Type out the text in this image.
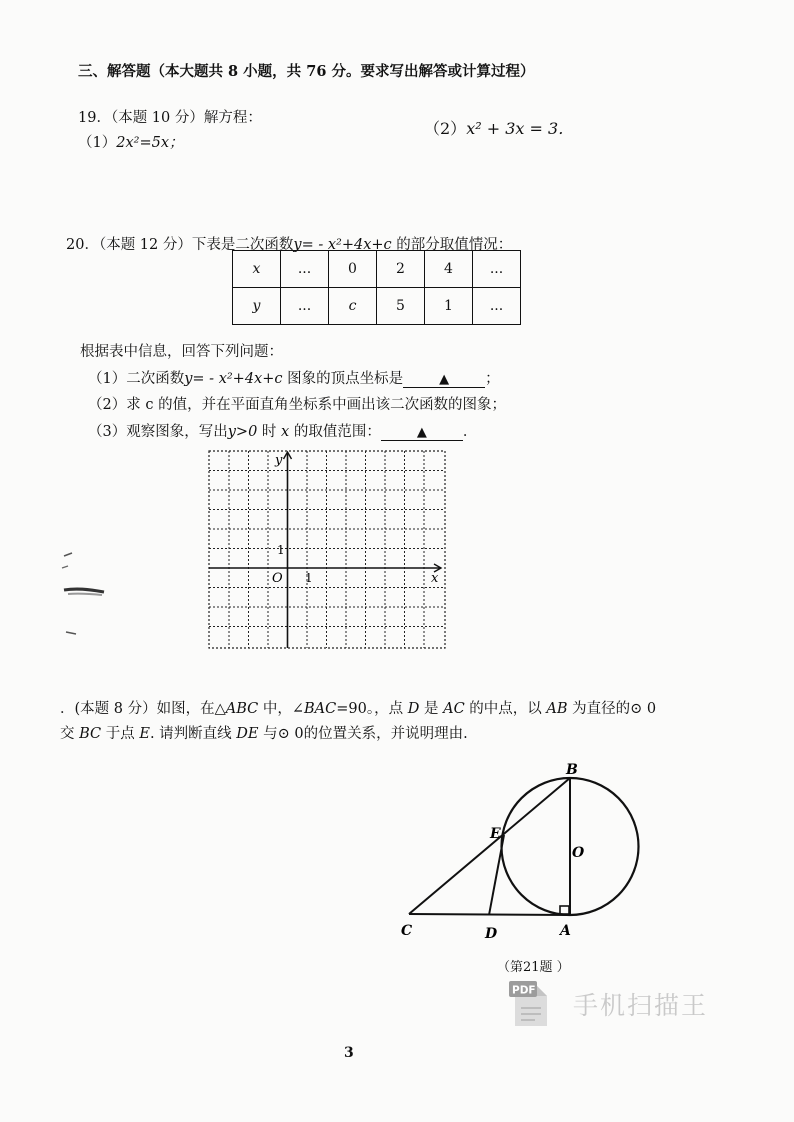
三、解答题（本大题共 8 小题，共 76 分。要求写出解答或计算过程）
19．（本题 10 分）解方程：
（1）2x²=5x；
（2）x² + 3x = 3．
20．（本题 12 分）下表是二次函数y= - x²+4x+c 的部分取值情况：
x	...	0	2	4	...
y	...	c	5	1	...
根据表中信息，回答下列问题：
（1）二次函数y= - x²+4x+c 图象的顶点坐标是	▲ ；
（2）求 c 的值，并在平面直角坐标系中画出该二次函数的图象；
（3）观察图象，写出y>0 时 x 的取值范围：	▲ ．
y
x
O 1
1
．(本题 8 分）如图，在△ABC 中，∠BAC=90。，点 D 是 AC 的中点，以 AB 为直径的⊙ 0
交 BC 于点 E. 请判断直线 DE 与⊙ 0的位置关系，并说明理由.
B
E
O
C	D	A
（第21题 ）
PDF
手机扫描王
3
